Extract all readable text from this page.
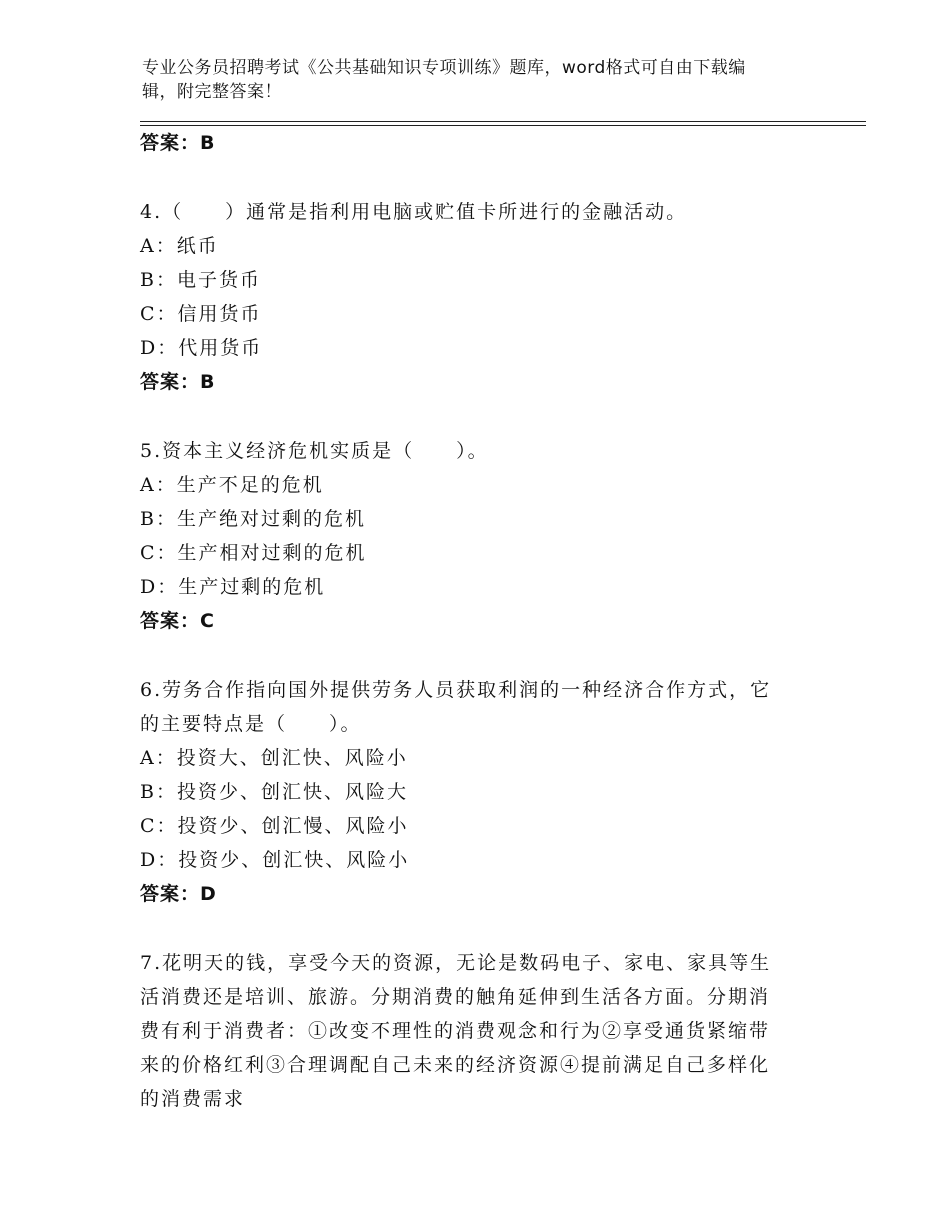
专业公务员招聘考试《公共基础知识专项训练》题库，word格式可自由下载编
辑，附完整答案！
答案：B
4.（　　）通常是指利用电脑或贮值卡所进行的金融活动。
A：纸币
B：电子货币
C：信用货币
D：代用货币
答案：B
5.资本主义经济危机实质是（　　）。
A：生产不足的危机
B：生产绝对过剩的危机
C：生产相对过剩的危机
D：生产过剩的危机
答案：C
6.劳务合作指向国外提供劳务人员获取利润的一种经济合作方式，它
的主要特点是（　　）。
A：投资大、创汇快、风险小
B：投资少、创汇快、风险大
C：投资少、创汇慢、风险小
D：投资少、创汇快、风险小
答案：D
7.花明天的钱，享受今天的资源，无论是数码电子、家电、家具等生
活消费还是培训、旅游。分期消费的触角延伸到生活各方面。分期消
费有利于消费者：①改变不理性的消费观念和行为②享受通货紧缩带
来的价格红利③合理调配自己未来的经济资源④提前满足自己多样化
的消费需求
